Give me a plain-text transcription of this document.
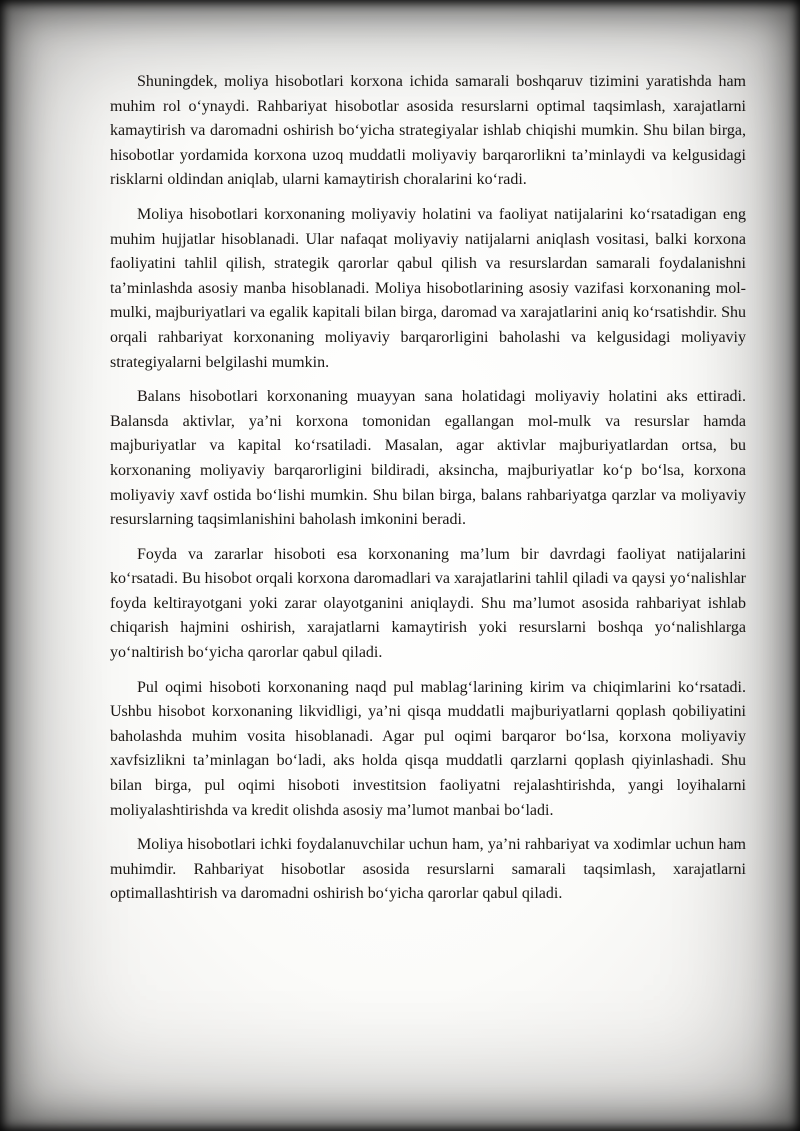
Shuningdek, moliya hisobotlari korxona ichida samarali boshqaruv tizimini yaratishda ham muhim rol oʻynaydi. Rahbariyat hisobotlar asosida resurslarni optimal taqsimlash, xarajatlarni kamaytirish va daromadni oshirish boʻyicha strategiyalar ishlab chiqishi mumkin. Shu bilan birga, hisobotlar yordamida korxona uzoq muddatli moliyaviy barqarorlikni ta’minlaydi va kelgusidagi risklarni oldindan aniqlab, ularni kamaytirish choralarini koʻradi.

Moliya hisobotlari korxonaning moliyaviy holatini va faoliyat natijalarini koʻrsatadigan eng muhim hujjatlar hisoblanadi. Ular nafaqat moliyaviy natijalarni aniqlash vositasi, balki korxona faoliyatini tahlil qilish, strategik qarorlar qabul qilish va resurslardan samarali foydalanishni ta’minlashda asosiy manba hisoblanadi. Moliya hisobotlarining asosiy vazifasi korxonaning mol-mulki, majburiyatlari va egalik kapitali bilan birga, daromad va xarajatlarini aniq koʻrsatishdir. Shu orqali rahbariyat korxonaning moliyaviy barqarorligini baholashi va kelgusidagi moliyaviy strategiyalarni belgilashi mumkin.

Balans hisobotlari korxonaning muayyan sana holatidagi moliyaviy holatini aks ettiradi. Balansda aktivlar, ya’ni korxona tomonidan egallangan mol-mulk va resurslar hamda majburiyatlar va kapital koʻrsatiladi. Masalan, agar aktivlar majburiyatlardan ortsa, bu korxonaning moliyaviy barqarorligini bildiradi, aksincha, majburiyatlar koʻp boʻlsa, korxona moliyaviy xavf ostida boʻlishi mumkin. Shu bilan birga, balans rahbariyatga qarzlar va moliyaviy resurslarning taqsimlanishini baholash imkonini beradi.

Foyda va zararlar hisoboti esa korxonaning ma’lum bir davrdagi faoliyat natijalarini koʻrsatadi. Bu hisobot orqali korxona daromadlari va xarajatlarini tahlil qiladi va qaysi yoʻnalishlar foyda keltirayotgani yoki zarar olayotganini aniqlaydi. Shu ma’lumot asosida rahbariyat ishlab chiqarish hajmini oshirish, xarajatlarni kamaytirish yoki resurslarni boshqa yoʻnalishlarga yoʻnaltirish boʻyicha qarorlar qabul qiladi.

Pul oqimi hisoboti korxonaning naqd pul mablagʻlarining kirim va chiqimlarini koʻrsatadi. Ushbu hisobot korxonaning likvidligi, ya’ni qisqa muddatli majburiyatlarni qoplash qobiliyatini baholashda muhim vosita hisoblanadi. Agar pul oqimi barqaror boʻlsa, korxona moliyaviy xavfsizlikni ta’minlagan boʻladi, aks holda qisqa muddatli qarzlarni qoplash qiyinlashadi. Shu bilan birga, pul oqimi hisoboti investitsion faoliyatni rejalashtirishda, yangi loyihalarni moliyalashtirishda va kredit olishda asosiy ma’lumot manbai boʻladi.

Moliya hisobotlari ichki foydalanuvchilar uchun ham, ya’ni rahbariyat va xodimlar uchun ham muhimdir. Rahbariyat hisobotlar asosida resurslarni samarali taqsimlash, xarajatlarni optimallashtirish va daromadni oshirish boʻyicha qarorlar qabul qiladi.
